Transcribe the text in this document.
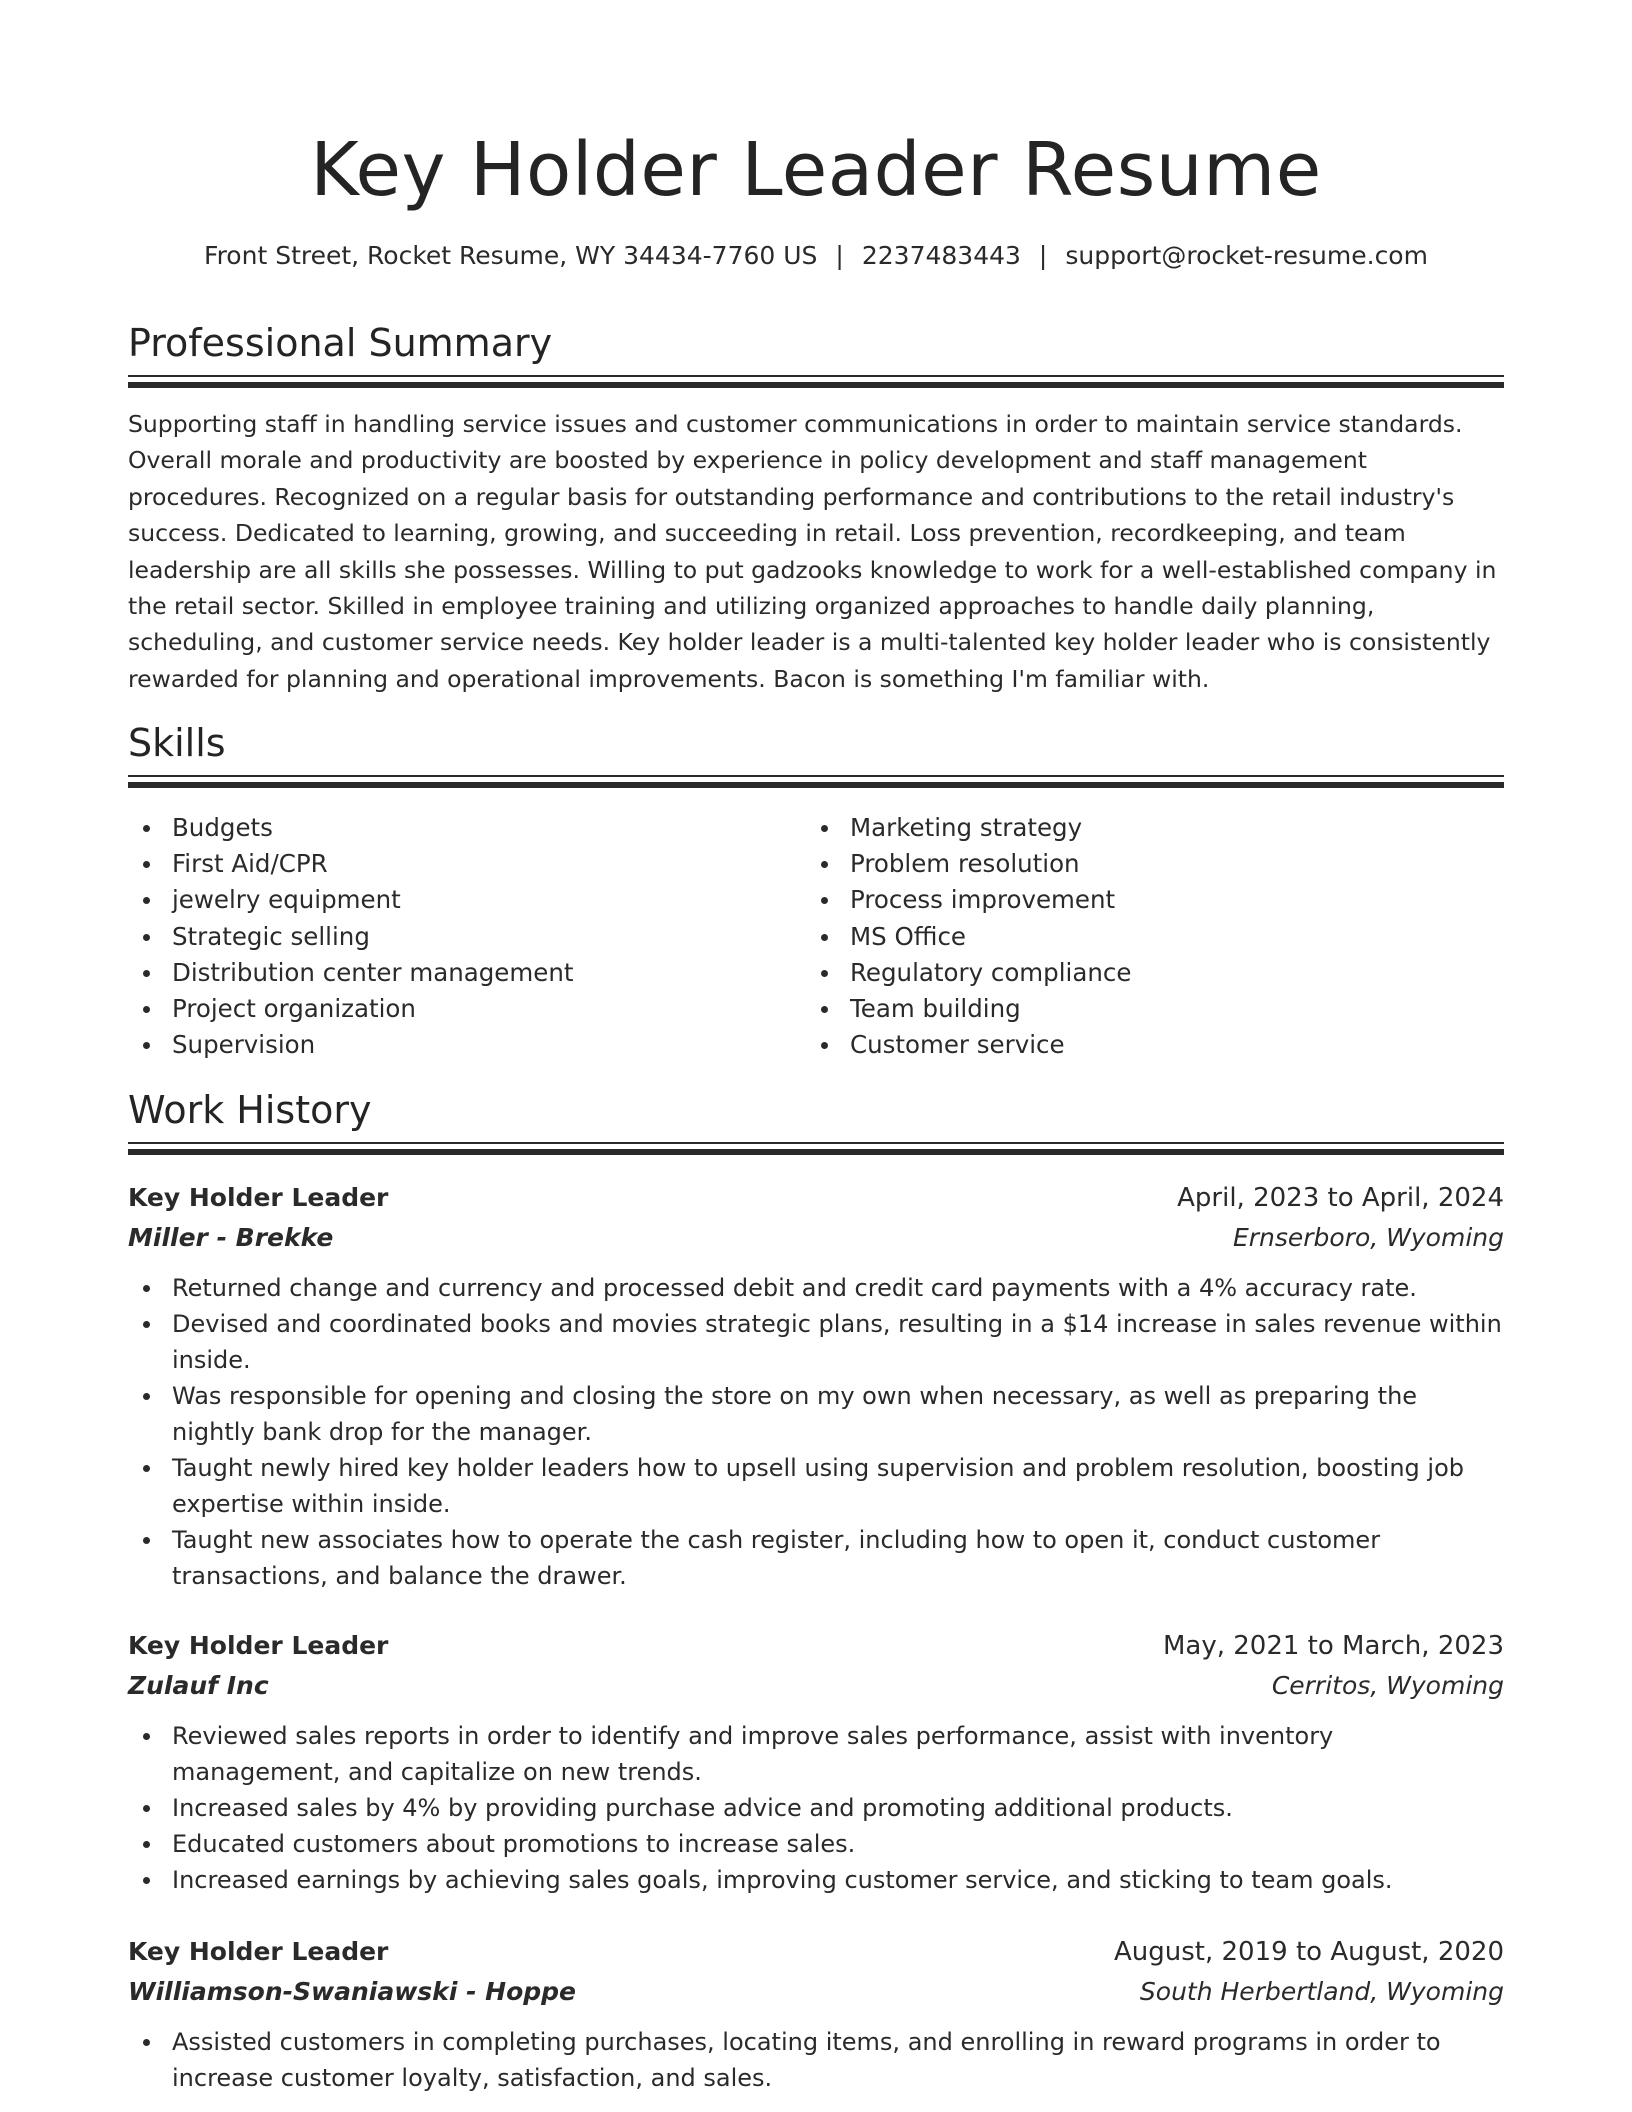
Key Holder Leader Resume
Front Street, Rocket Resume, WY 34434-7760 US | 2237483443 | support@rocket-resume.com
Professional Summary
Supporting staff in handling service issues and customer communications in order to maintain service standards. Overall morale and productivity are boosted by experience in policy development and staff management procedures. Recognized on a regular basis for outstanding performance and contributions to the retail industry's success. Dedicated to learning, growing, and succeeding in retail. Loss prevention, recordkeeping, and team leadership are all skills she possesses. Willing to put gadzooks knowledge to work for a well-established company in the retail sector. Skilled in employee training and utilizing organized approaches to handle daily planning, scheduling, and customer service needs. Key holder leader is a multi-talented key holder leader who is consistently rewarded for planning and operational improvements. Bacon is something I'm familiar with.
Skills
Budgets
First Aid/CPR
jewelry equipment
Strategic selling
Distribution center management
Project organization
Supervision
Marketing strategy
Problem resolution
Process improvement
MS Office
Regulatory compliance
Team building
Customer service
Work History
Key Holder Leader	April, 2023 to April, 2024
Miller - Brekke	Ernserboro, Wyoming
Returned change and currency and processed debit and credit card payments with a 4% accuracy rate.
Devised and coordinated books and movies strategic plans, resulting in a $14 increase in sales revenue within inside.
Was responsible for opening and closing the store on my own when necessary, as well as preparing the nightly bank drop for the manager.
Taught newly hired key holder leaders how to upsell using supervision and problem resolution, boosting job expertise within inside.
Taught new associates how to operate the cash register, including how to open it, conduct customer transactions, and balance the drawer.
Key Holder Leader	May, 2021 to March, 2023
Zulauf Inc	Cerritos, Wyoming
Reviewed sales reports in order to identify and improve sales performance, assist with inventory management, and capitalize on new trends.
Increased sales by 4% by providing purchase advice and promoting additional products.
Educated customers about promotions to increase sales.
Increased earnings by achieving sales goals, improving customer service, and sticking to team goals.
Key Holder Leader	August, 2019 to August, 2020
Williamson-Swaniawski - Hoppe	South Herbertland, Wyoming
Assisted customers in completing purchases, locating items, and enrolling in reward programs in order to increase customer loyalty, satisfaction, and sales.
